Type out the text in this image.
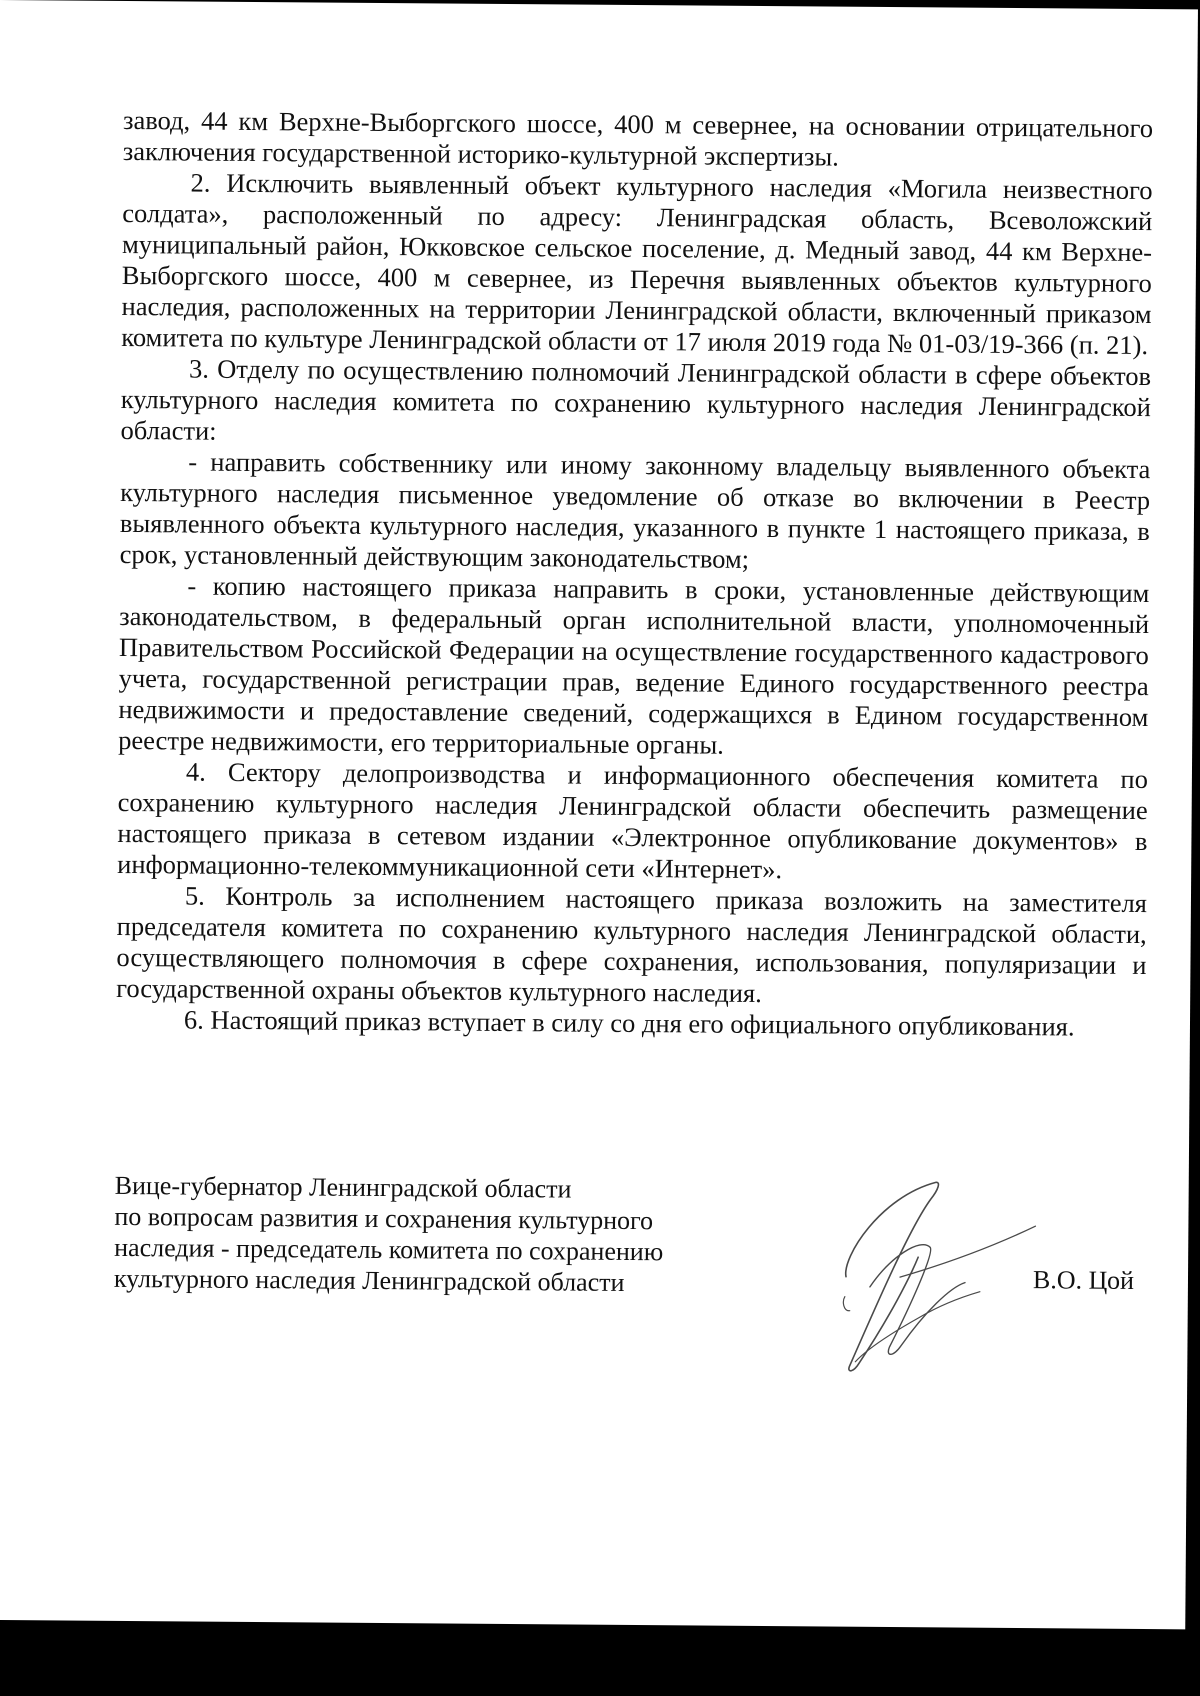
завод, 44 км Верхне-Выборгского шоссе, 400 м севернее, на основании отрицательного заключения государственной историко-культурной экспертизы.

2. Исключить выявленный объект культурного наследия «Могила неизвестного солдата», расположенный по адресу: Ленинградская область, Всеволожский муниципальный район, Юкковское сельское поселение, д. Медный завод, 44 км Верхне-Выборгского шоссе, 400 м севернее, из Перечня выявленных объектов культурного наследия, расположенных на территории Ленинградской области, включенный приказом комитета по культуре Ленинградской области от 17 июля 2019 года № 01-03/19-366 (п. 21).

3. Отделу по осуществлению полномочий Ленинградской области в сфере объектов культурного наследия комитета по сохранению культурного наследия Ленинградской области:

- направить собственнику или иному законному владельцу выявленного объекта культурного наследия письменное уведомление об отказе во включении в Реестр выявленного объекта культурного наследия, указанного в пункте 1 настоящего приказа, в срок, установленный действующим законодательством;

- копию настоящего приказа направить в сроки, установленные действующим законодательством, в федеральный орган исполнительной власти, уполномоченный Правительством Российской Федерации на осуществление государственного кадастрового учета, государственной регистрации прав, ведение Единого государственного реестра недвижимости и предоставление сведений, содержащихся в Едином государственном реестре недвижимости, его территориальные органы.

4. Сектору делопроизводства и информационного обеспечения комитета по сохранению культурного наследия Ленинградской области обеспечить размещение настоящего приказа в сетевом издании «Электронное опубликование документов» в информационно-телекоммуникационной сети «Интернет».

5. Контроль за исполнением настоящего приказа возложить на заместителя председателя комитета по сохранению культурного наследия Ленинградской области, осуществляющего полномочия в сфере сохранения, использования, популяризации и государственной охраны объектов культурного наследия.

6. Настоящий приказ вступает в силу со дня его официального опубликования.

Вице-губернатор Ленинградской области
по вопросам развития и сохранения культурного
наследия - председатель комитета по сохранению
культурного наследия Ленинградской области	В.О. Цой
